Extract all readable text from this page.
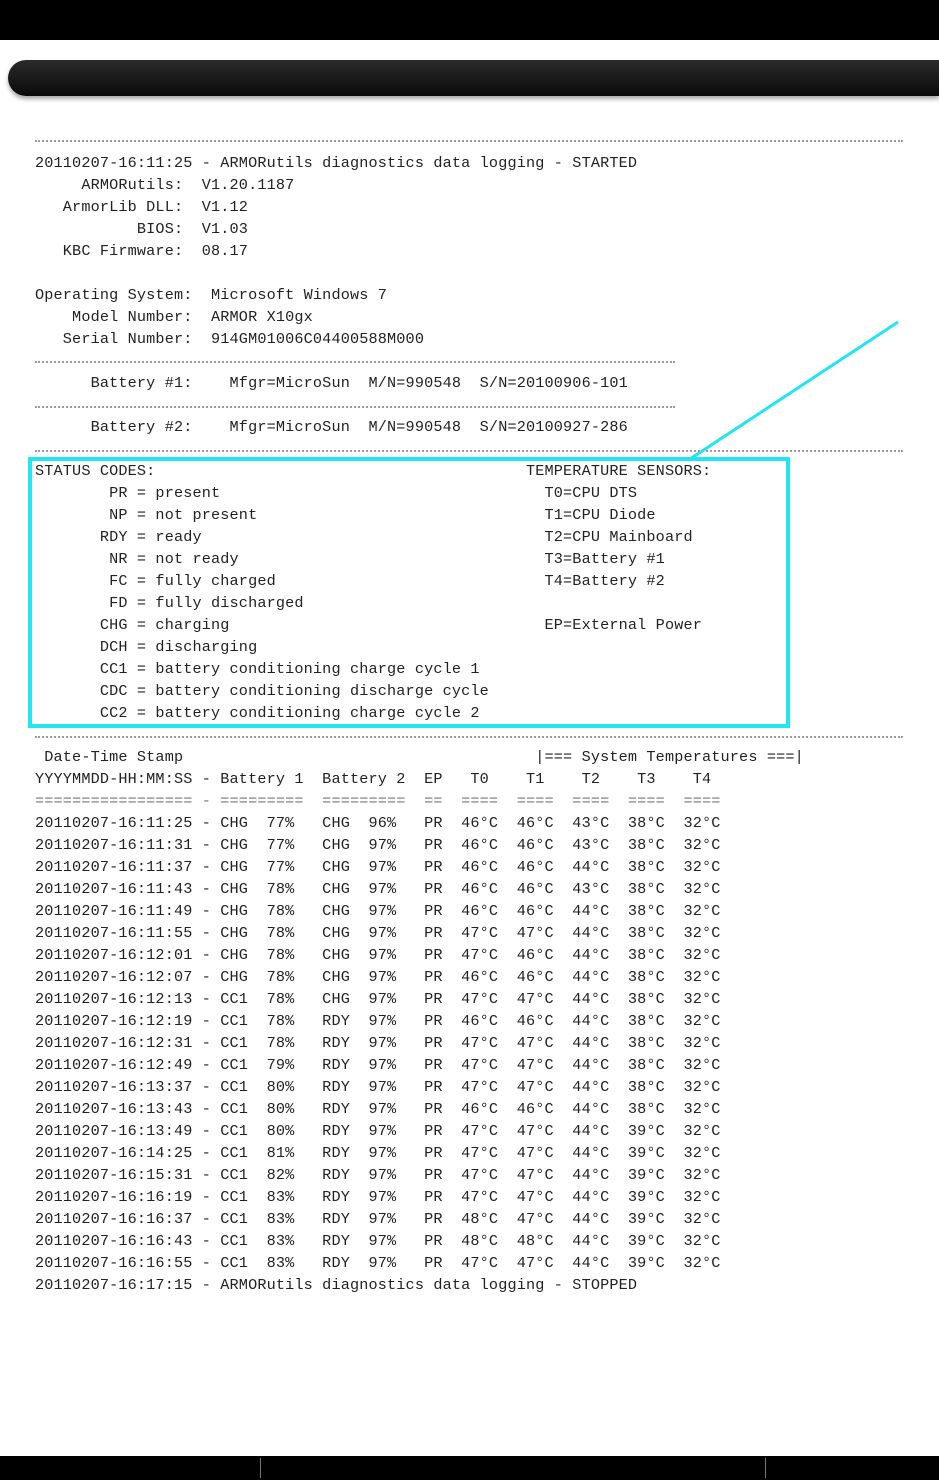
20110207-16:11:25 - ARMORutils diagnostics data logging - STARTED
ARMORutils:  V1.20.1187
ArmorLib DLL:  V1.12
BIOS:  V1.03
KBC Firmware:  08.17
Operating System:  Microsoft Windows 7
Model Number:  ARMOR X10gx
Serial Number:  914GM01006C04400588M000
Battery #1:    Mfgr=MicroSun  M/N=990548  S/N=20100906-101
Battery #2:    Mfgr=MicroSun  M/N=990548  S/N=20100927-286
STATUS CODES:                                        TEMPERATURE SENSORS:
PR = present                                   T0=CPU DTS
NP = not present                               T1=CPU Diode
RDY = ready                                     T2=CPU Mainboard
NR = not ready                                 T3=Battery #1
FC = fully charged                             T4=Battery #2
FD = fully discharged
CHG = charging                                  EP=External Power
DCH = discharging
CC1 = battery conditioning charge cycle 1
CDC = battery conditioning discharge cycle
CC2 = battery conditioning charge cycle 2
Date-Time Stamp                                      |=== System Temperatures ===|
YYYYMMDD-HH:MM:SS - Battery 1  Battery 2  EP   T0    T1    T2    T3    T4
================= - =========  =========  ==  ====  ====  ====  ====  ====
20110207-16:11:25 - CHG  77%   CHG  96%   PR  46°C  46°C  43°C  38°C  32°C
20110207-16:11:31 - CHG  77%   CHG  97%   PR  46°C  46°C  43°C  38°C  32°C
20110207-16:11:37 - CHG  77%   CHG  97%   PR  46°C  46°C  44°C  38°C  32°C
20110207-16:11:43 - CHG  78%   CHG  97%   PR  46°C  46°C  43°C  38°C  32°C
20110207-16:11:49 - CHG  78%   CHG  97%   PR  46°C  46°C  44°C  38°C  32°C
20110207-16:11:55 - CHG  78%   CHG  97%   PR  47°C  47°C  44°C  38°C  32°C
20110207-16:12:01 - CHG  78%   CHG  97%   PR  47°C  46°C  44°C  38°C  32°C
20110207-16:12:07 - CHG  78%   CHG  97%   PR  46°C  46°C  44°C  38°C  32°C
20110207-16:12:13 - CC1  78%   CHG  97%   PR  47°C  47°C  44°C  38°C  32°C
20110207-16:12:19 - CC1  78%   RDY  97%   PR  46°C  46°C  44°C  38°C  32°C
20110207-16:12:31 - CC1  78%   RDY  97%   PR  47°C  47°C  44°C  38°C  32°C
20110207-16:12:49 - CC1  79%   RDY  97%   PR  47°C  47°C  44°C  38°C  32°C
20110207-16:13:37 - CC1  80%   RDY  97%   PR  47°C  47°C  44°C  38°C  32°C
20110207-16:13:43 - CC1  80%   RDY  97%   PR  46°C  46°C  44°C  38°C  32°C
20110207-16:13:49 - CC1  80%   RDY  97%   PR  47°C  47°C  44°C  39°C  32°C
20110207-16:14:25 - CC1  81%   RDY  97%   PR  47°C  47°C  44°C  39°C  32°C
20110207-16:15:31 - CC1  82%   RDY  97%   PR  47°C  47°C  44°C  39°C  32°C
20110207-16:16:19 - CC1  83%   RDY  97%   PR  47°C  47°C  44°C  39°C  32°C
20110207-16:16:37 - CC1  83%   RDY  97%   PR  48°C  47°C  44°C  39°C  32°C
20110207-16:16:43 - CC1  83%   RDY  97%   PR  48°C  48°C  44°C  39°C  32°C
20110207-16:16:55 - CC1  83%   RDY  97%   PR  47°C  47°C  44°C  39°C  32°C
20110207-16:17:15 - ARMORutils diagnostics data logging - STOPPED
